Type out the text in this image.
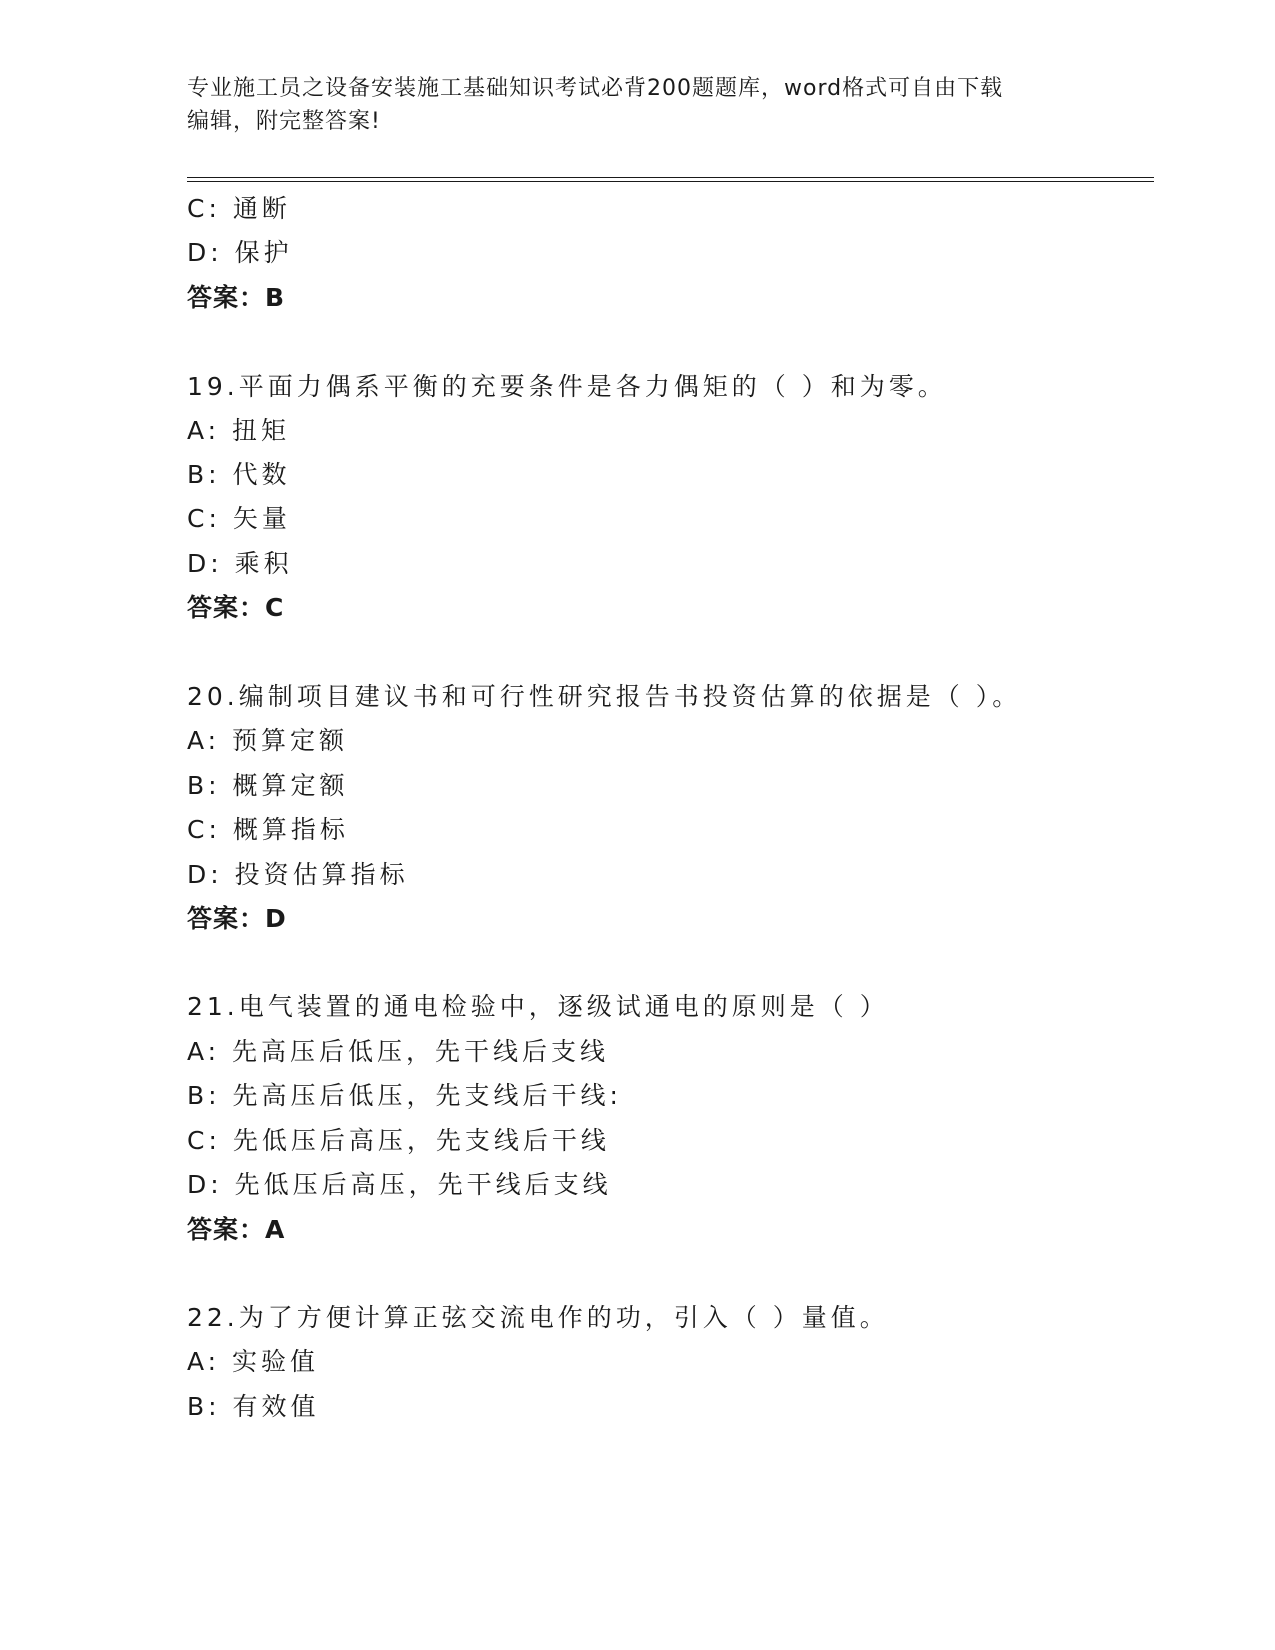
专业施工员之设备安装施工基础知识考试必背200题题库，word格式可自由下载
编辑，附完整答案!
C: 通断
D: 保护
答案：B
19.平面力偶系平衡的充要条件是各力偶矩的（ ）和为零。
A: 扭矩
B: 代数
C: 矢量
D: 乘积
答案：C
20.编制项目建议书和可行性研究报告书投资估算的依据是（ ）。
A: 预算定额
B: 概算定额
C: 概算指标
D: 投资估算指标
答案：D
21.电气装置的通电检验中，逐级试通电的原则是（ ）
A: 先高压后低压，先干线后支线
B: 先高压后低压，先支线后干线:
C: 先低压后高压，先支线后干线
D: 先低压后高压，先干线后支线
答案：A
22.为了方便计算正弦交流电作的功，引入（ ）量值。
A: 实验值
B: 有效值
